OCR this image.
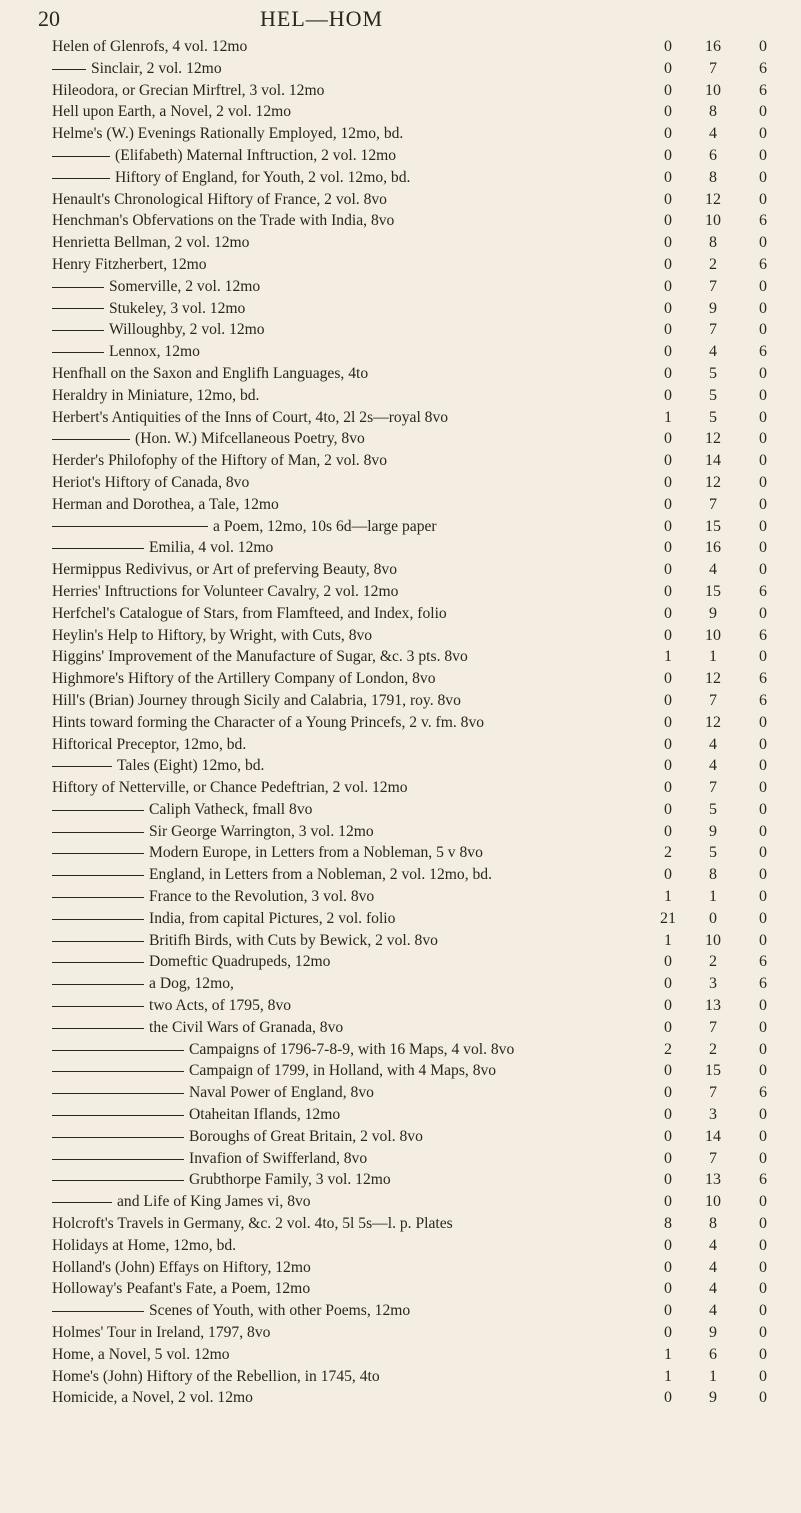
20	HEL—HOM
Helen of Glenrofs, 4 vol. 12mo	0	16	0
Sinclair, 2 vol. 12mo	0	7	6
Hileodora, or Grecian Mirftrel, 3 vol. 12mo	0	10	6
Hell upon Earth, a Novel, 2 vol. 12mo	0	8	0
Helme's (W.) Evenings Rationally Employed, 12mo, bd.	0	4	0
(Elifabeth) Maternal Inftruction, 2 vol. 12mo	0	6	0
Hiftory of England, for Youth, 2 vol. 12mo, bd.	0	8	0
Henault's Chronological Hiftory of France, 2 vol. 8vo	0	12	0
Henchman's Obfervations on the Trade with India, 8vo	0	10	6
Henrietta Bellman, 2 vol. 12mo	0	8	0
Henry Fitzherbert, 12mo	0	2	6
Somerville, 2 vol. 12mo	0	7	0
Stukeley, 3 vol. 12mo	0	9	0
Willoughby, 2 vol. 12mo	0	7	0
Lennox, 12mo	0	4	6
Henfhall on the Saxon and Englifh Languages, 4to	0	5	0
Heraldry in Miniature, 12mo, bd.	0	5	0
Herbert's Antiquities of the Inns of Court, 4to, 2l 2s—royal 8vo	1	5	0
(Hon. W.) Mifcellaneous Poetry, 8vo	0	12	0
Herder's Philofophy of the Hiftory of Man, 2 vol. 8vo	0	14	0
Heriot's Hiftory of Canada, 8vo	0	12	0
Herman and Dorothea, a Tale, 12mo	0	7	0
a Poem, 12mo, 10s 6d—large paper	0	15	0
Emilia, 4 vol. 12mo	0	16	0
Hermippus Redivivus, or Art of preferving Beauty, 8vo	0	4	0
Herries' Inftructions for Volunteer Cavalry, 2 vol. 12mo	0	15	6
Herfchel's Catalogue of Stars, from Flamfteed, and Index, folio	0	9	0
Heylin's Help to Hiftory, by Wright, with Cuts, 8vo	0	10	6
Higgins' Improvement of the Manufacture of Sugar, &c. 3 pts. 8vo	1	1	0
Highmore's Hiftory of the Artillery Company of London, 8vo	0	12	6
Hill's (Brian) Journey through Sicily and Calabria, 1791, roy. 8vo	0	7	6
Hints toward forming the Character of a Young Princefs, 2 v. fm. 8vo	0	12	0
Hiftorical Preceptor, 12mo, bd.	0	4	0
Tales (Eight) 12mo, bd.	0	4	0
Hiftory of Netterville, or Chance Pedeftrian, 2 vol. 12mo	0	7	0
Caliph Vatheck, fmall 8vo	0	5	0
Sir George Warrington, 3 vol. 12mo	0	9	0
Modern Europe, in Letters from a Nobleman, 5 v 8vo	2	5	0
England, in Letters from a Nobleman, 2 vol. 12mo, bd.	0	8	0
France to the Revolution, 3 vol. 8vo	1	1	0
India, from capital Pictures, 2 vol. folio	21	0	0
Britifh Birds, with Cuts by Bewick, 2 vol. 8vo	1	10	0
Domeftic Quadrupeds, 12mo	0	2	6
a Dog, 12mo,	0	3	6
two Acts, of 1795, 8vo	0	13	0
the Civil Wars of Granada, 8vo	0	7	0
Campaigns of 1796-7-8-9, with 16 Maps, 4 vol. 8vo	2	2	0
Campaign of 1799, in Holland, with 4 Maps, 8vo	0	15	0
Naval Power of England, 8vo	0	7	6
Otaheitan Iflands, 12mo	0	3	0
Boroughs of Great Britain, 2 vol. 8vo	0	14	0
Invafion of Swifferland, 8vo	0	7	0
Grubthorpe Family, 3 vol. 12mo	0	13	6
and Life of King James vi, 8vo	0	10	0
Holcroft's Travels in Germany, &c. 2 vol. 4to, 5l 5s—l. p. Plates	8	8	0
Holidays at Home, 12mo, bd.	0	4	0
Holland's (John) Effays on Hiftory, 12mo	0	4	0
Holloway's Peafant's Fate, a Poem, 12mo	0	4	0
Scenes of Youth, with other Poems, 12mo	0	4	0
Holmes' Tour in Ireland, 1797, 8vo	0	9	0
Home, a Novel, 5 vol. 12mo	1	6	0
Home's (John) Hiftory of the Rebellion, in 1745, 4to	1	1	0
Homicide, a Novel, 2 vol. 12mo	0	9	0
